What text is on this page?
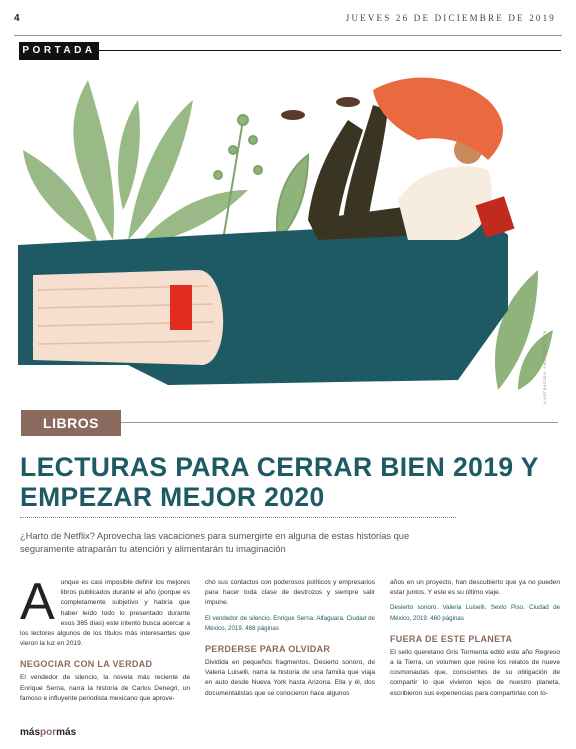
4	JUEVES 26 DE DICIEMBRE DE 2019
PORTADA
ILUSTRACIÓN: SHUTTERSTOCK
LIBROS
LECTURAS PARA CERRAR BIEN 2019 Y EMPEZAR MEJOR 2020
¿Harto de Netflix? Aprovecha las vacaciones para sumergirte en alguna de estas historias que seguramente atraparán tu atención y alimentarán tu imaginación
A unque es casi imposible definir los mejores libros publicados durante el año (porque es completamente subjetivo y habría que haber leído todo lo presentado durante esos 365 días) este intento busca acercar a los lectores algunos de los títulos más interesantes que vieron la luz en 2019.

NEGOCIAR CON LA VERDAD

El vendedor de silencio, la novela más reciente de Enrique Serna, narra la historia de Carlos Denegri, un famoso e influyente periodista mexicano que aprove-

chó sus contactos con poderosos políticos y empresarios para hacer toda clase de destrozos y siempre salir impune.

El vendedor de silencio. Enrique Serna. Alfaguara. Ciudad de México, 2019. 488 páginas

PERDERSE PARA OLVIDAR

Dividida en pequeños fragmentos, Desierto sonoro, de Valeria Luiselli, narra la historia de una familia que viaja en auto desde Nueva York hasta Arizona. Ella y él, dos documentalistas que se conocieron hace algunos

años en un proyecto, han descubierto que ya no pueden estar juntos. Y este es su último viaje.

Desierto sonoro. Valeria Luiselli. Sexto Piso. Ciudad de México, 2019. 460 páginas

FUERA DE ESTE PLANETA

El sello queretano Gris Tormenta editó este año Regreso a la Tierra, un volumen que reúne los relatos de nueve cosmonautas que, conscientes de su obligación de compartir lo que vivieron lejos de nuestro planeta, escribieron sus experiencias para compartirlas con to-

máspormás
